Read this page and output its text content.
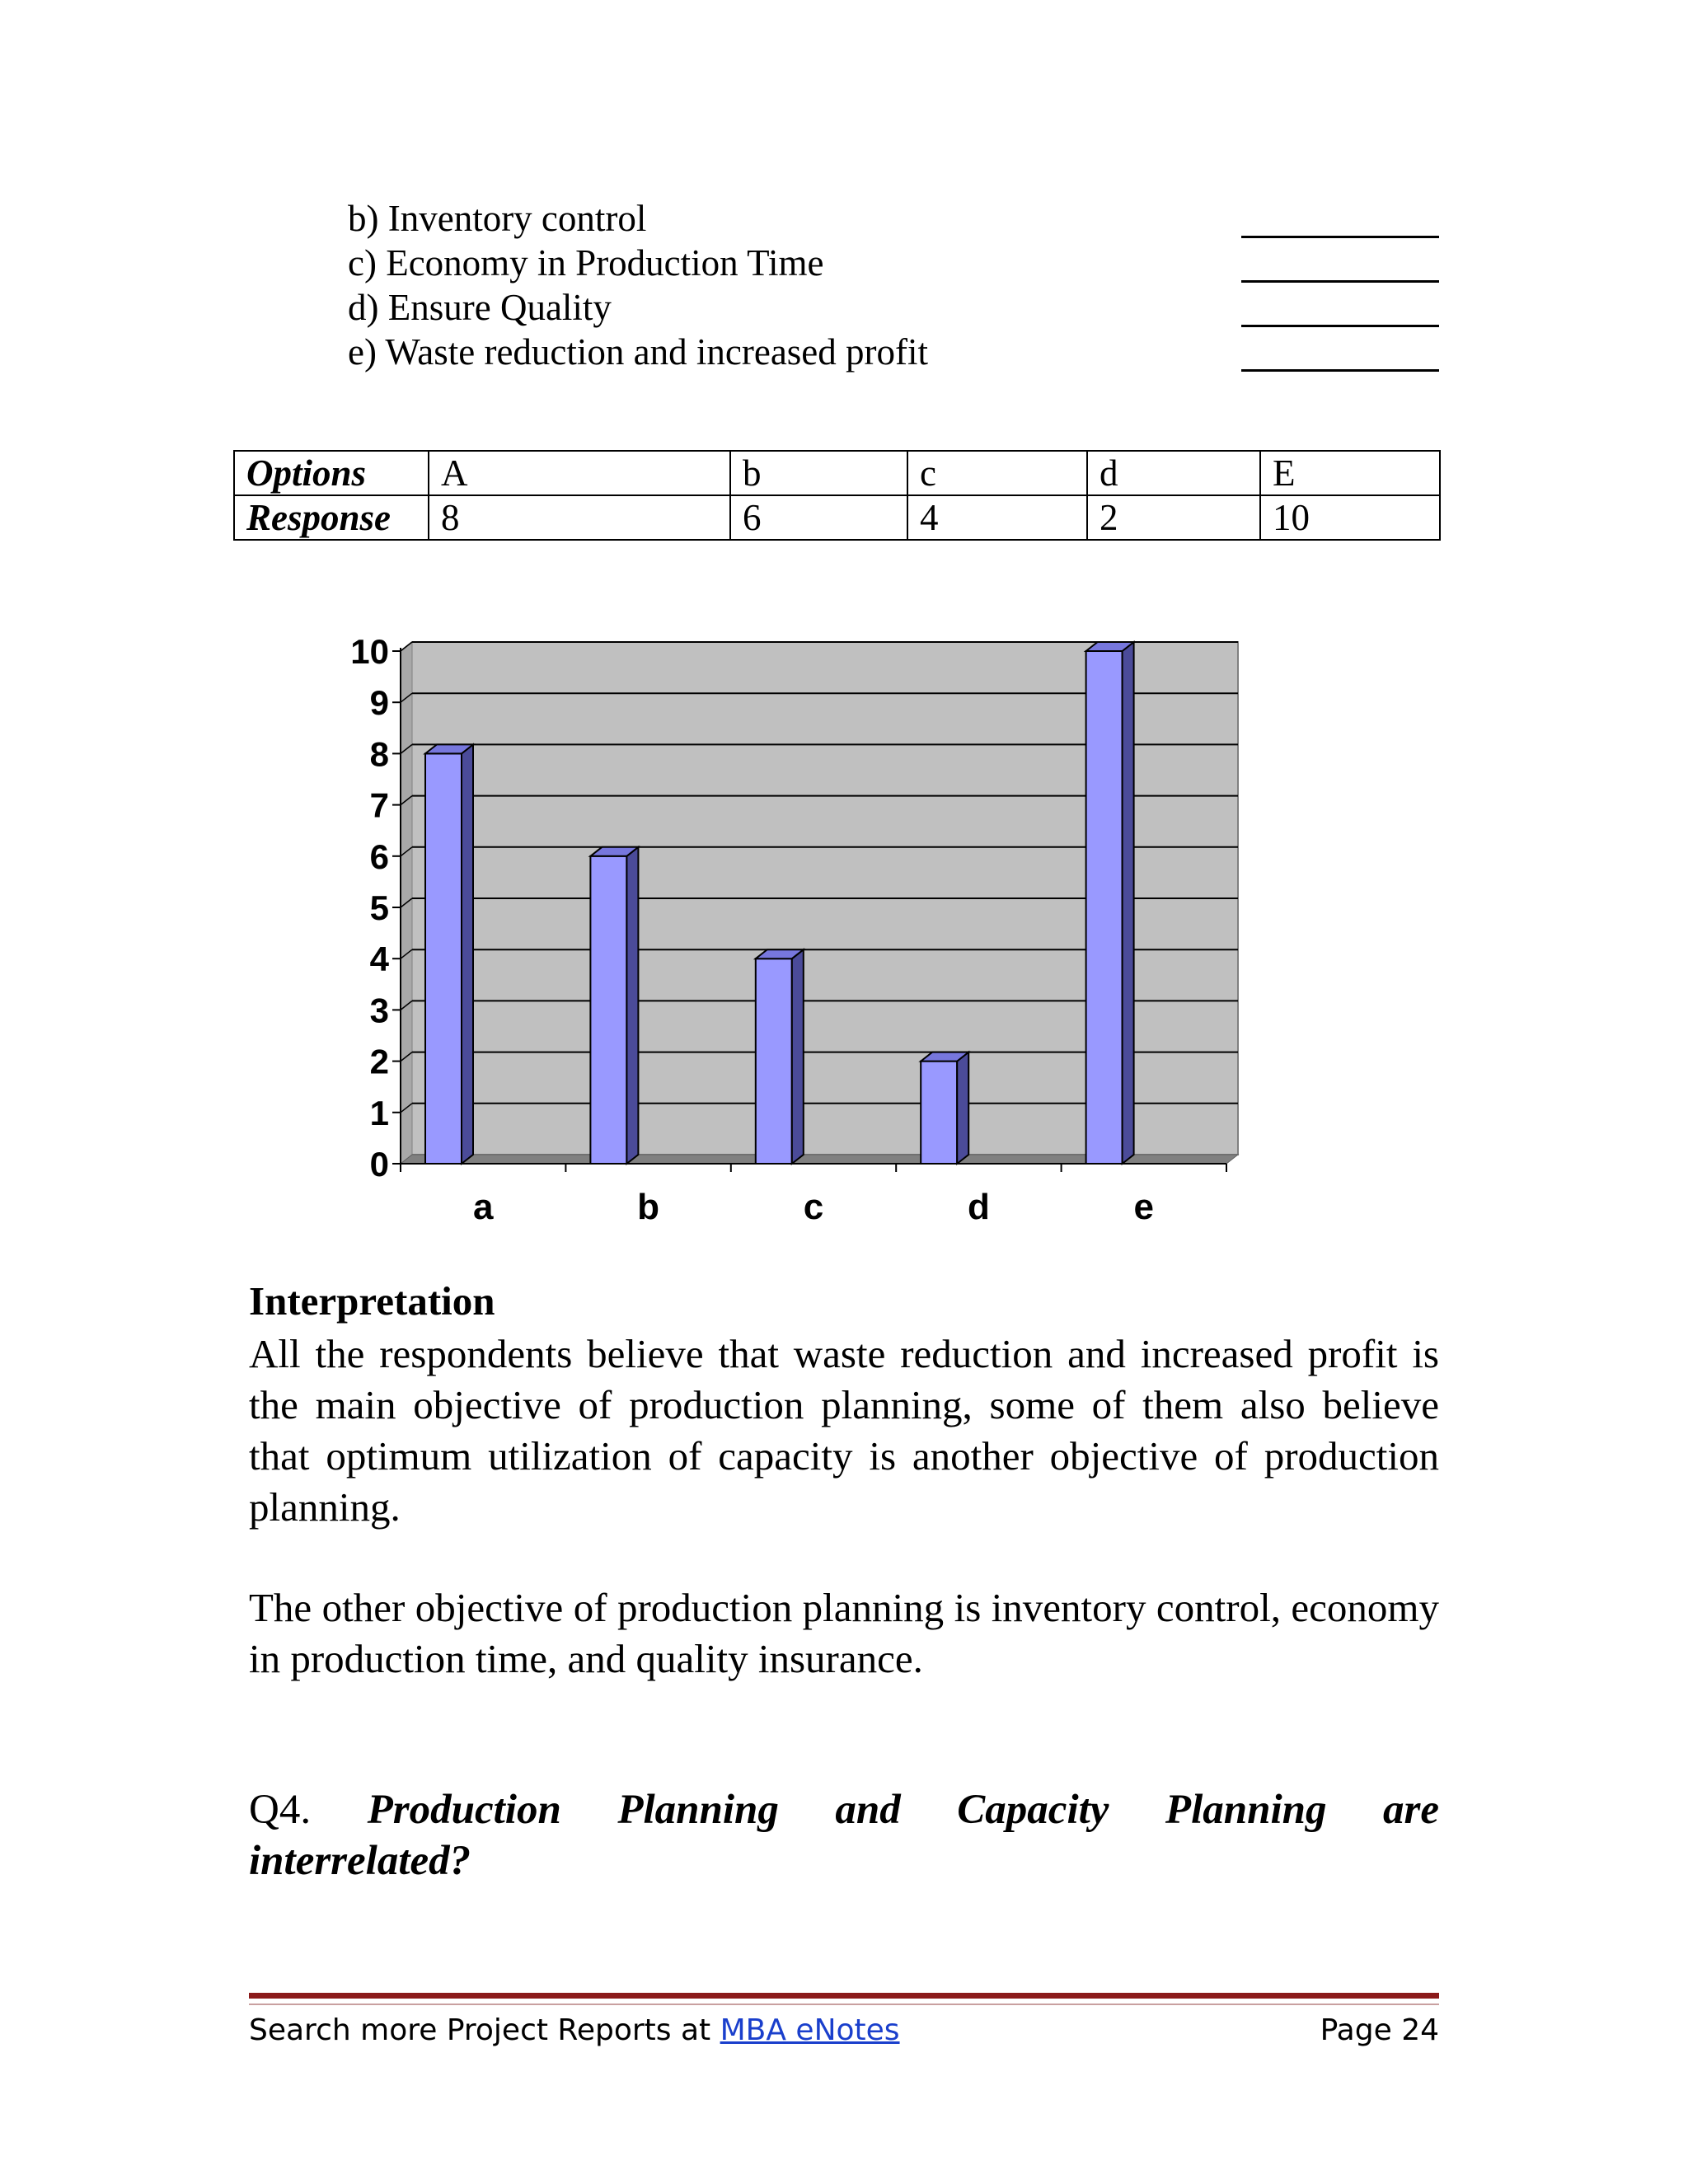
b) Inventory control
c) Economy in Production Time
d) Ensure Quality
e) Waste reduction and increased profit
Options	A	b	c	d	E
Response	8	6	4	2	10
0
1
2
3
4
5
6
7
8
9
10
a	b	c	d	e
Interpretation
All the respondents believe that waste reduction and increased profit is the main objective of production planning, some of them also believe that optimum utilization of capacity is another objective of production planning.
The other objective of production planning is inventory control, economy in production time, and quality insurance.
Q4. Production Planning and Capacity Planning are
interrelated?
Search more Project Reports at MBA eNotes	Page 24
